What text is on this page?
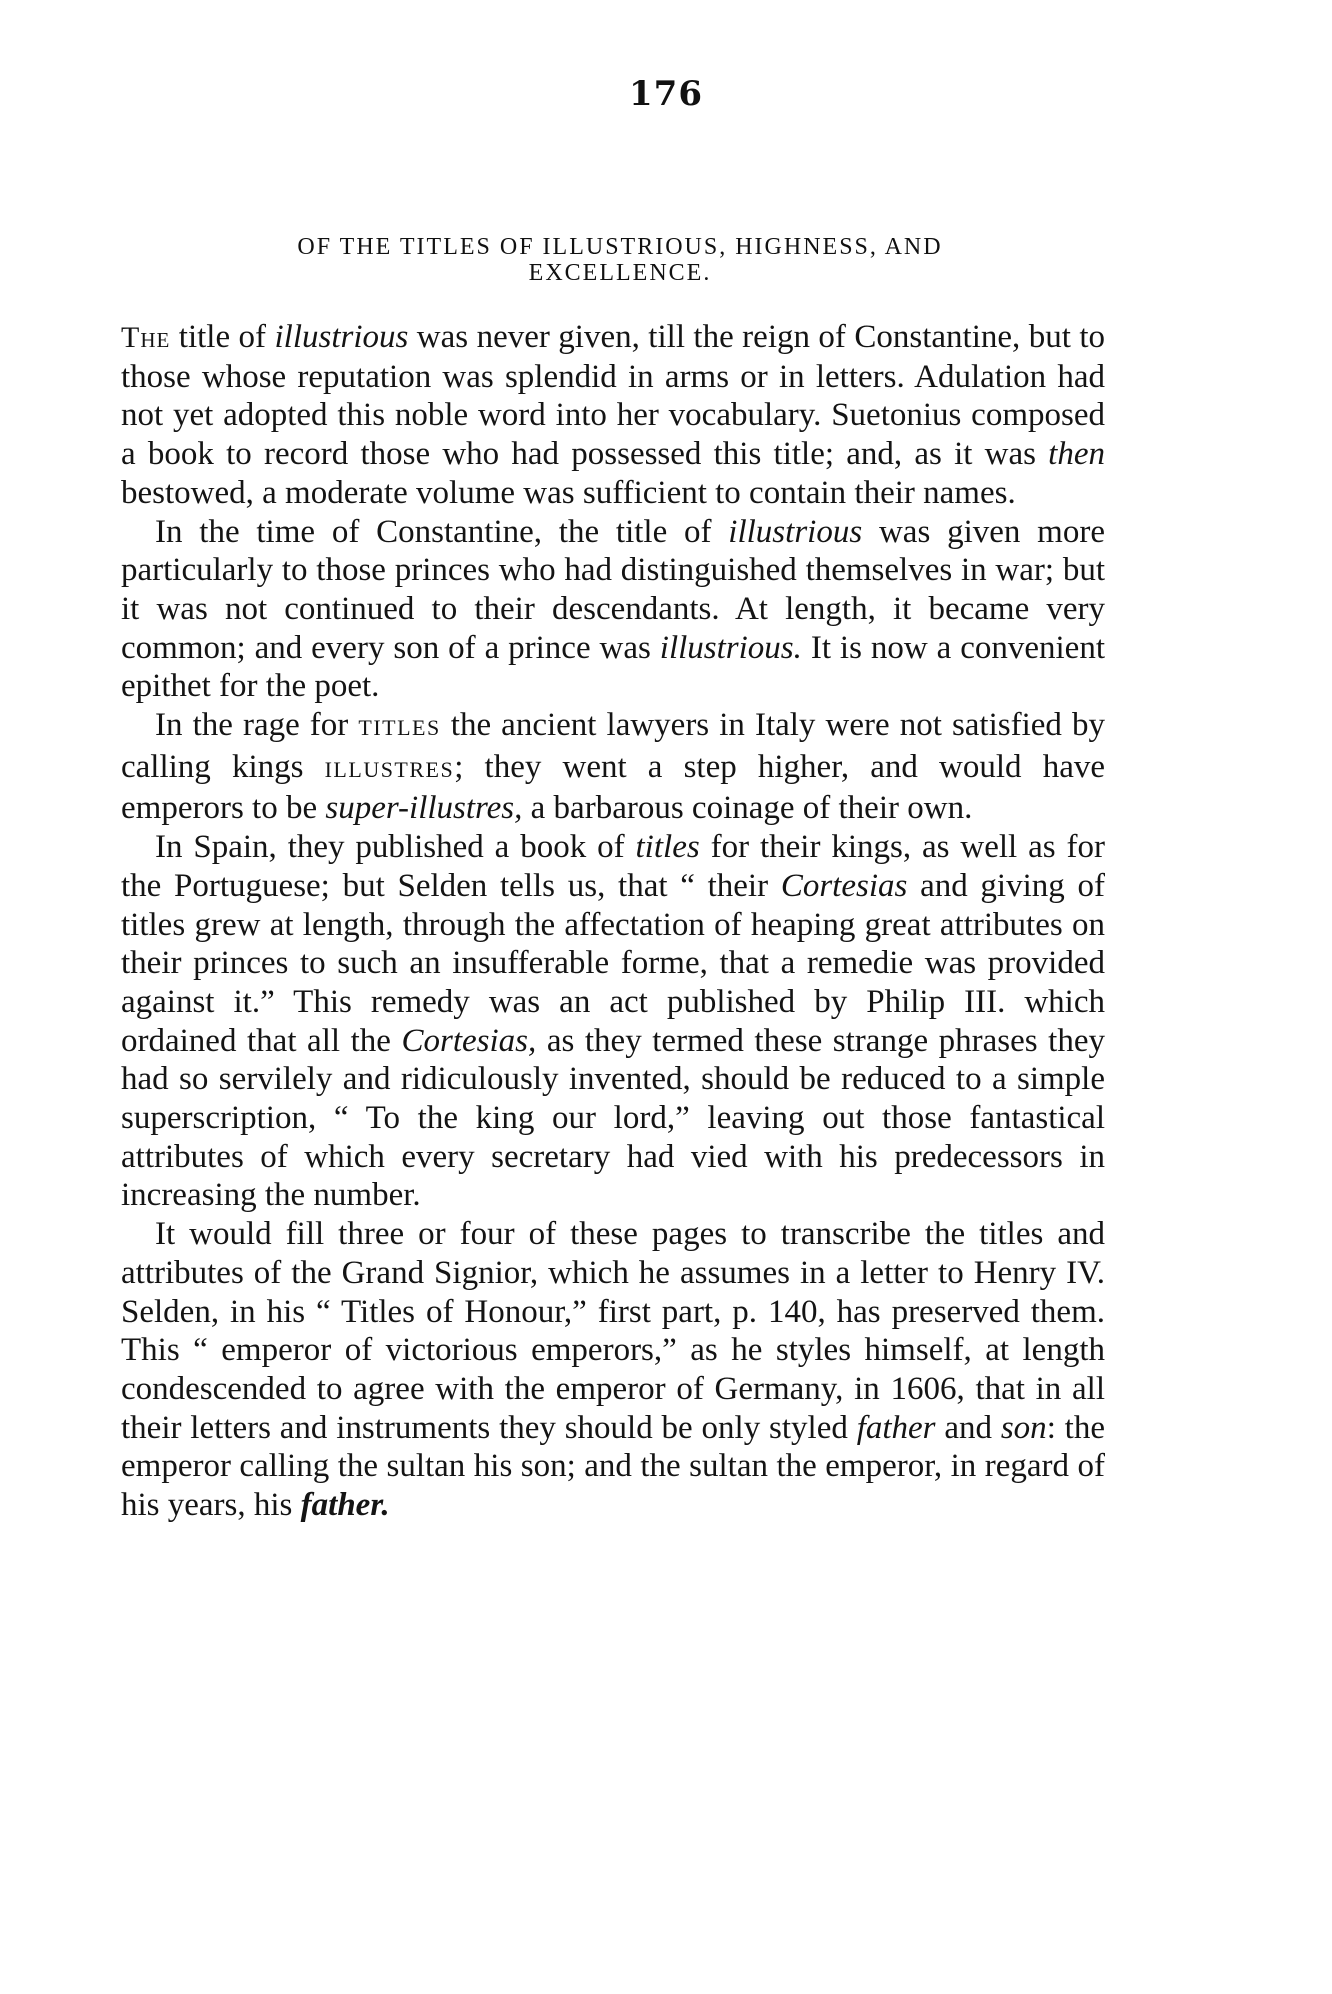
176
OF THE TITLES OF ILLUSTRIOUS, HIGHNESS, AND
EXCELLENCE.

The title of illustrious was never given, till the reign of Constantine, but to those whose reputation was splendid in arms or in letters. Adulation had not yet adopted this noble word into her vocabulary. Suetonius composed a book to record those who had possessed this title; and, as it was then bestowed, a moderate volume was sufficient to contain their names.

In the time of Constantine, the title of illustrious was given more particularly to those princes who had distinguished themselves in war; but it was not continued to their descendants. At length, it became very common; and every son of a prince was illustrious. It is now a convenient epithet for the poet.

In the rage for TITLES the ancient lawyers in Italy were not satisfied by calling kings ILLUSTRES; they went a step higher, and would have emperors to be super-illustres, a barbarous coinage of their own.

In Spain, they published a book of titles for their kings, as well as for the Portuguese; but Selden tells us, that “ their Cortesias and giving of titles grew at length, through the affectation of heaping great attributes on their princes to such an insufferable forme, that a remedie was provided against it.” This remedy was an act published by Philip III. which ordained that all the Cortesias, as they termed these strange phrases they had so servilely and ridiculously invented, should be reduced to a simple superscription, “ To the king our lord,” leaving out those fantastical attributes of which every secretary had vied with his predecessors in increasing the number.

It would fill three or four of these pages to transcribe the titles and attributes of the Grand Signior, which he assumes in a letter to Henry IV. Selden, in his “ Titles of Honour,” first part, p. 140, has preserved them. This “ emperor of victorious emperors,” as he styles himself, at length condescended to agree with the emperor of Germany, in 1606, that in all their letters and instruments they should be only styled father and son: the emperor calling the sultan his son; and the sultan the emperor, in regard of his years, his father.
